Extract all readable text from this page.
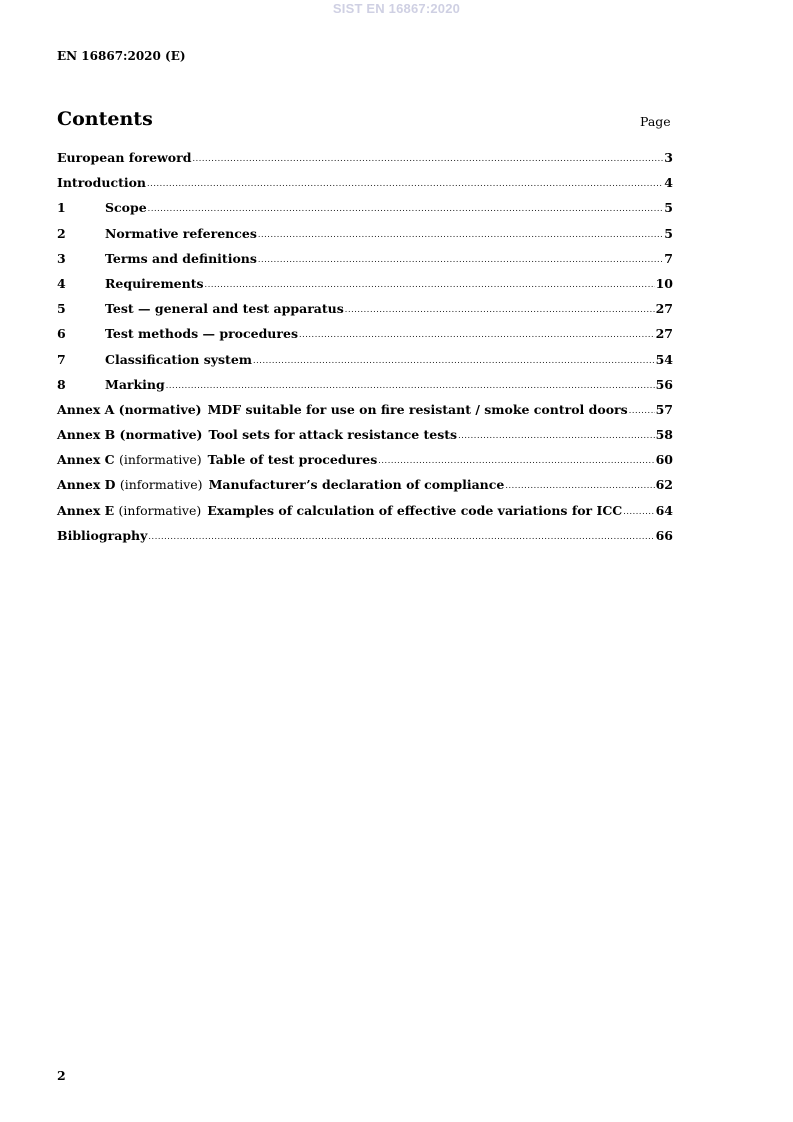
SIST EN 16867:2020
EN 16867:2020 (E)
Contents	Page
European foreword .....	3
Introduction .....	4
1	Scope .....	5
2	Normative references .....	5
3	Terms and definitions .....	7
4	Requirements .....	10
5	Test — general and test apparatus .....	27
6	Test methods — procedures .....	27
7	Classification system .....	54
8	Marking .....	56
Annex A (normative) MDF suitable for use on fire resistant / smoke control doors ..... 57
Annex B (normative) Tool sets for attack resistance tests .....	58
Annex C (informative) Table of test procedures .....	60
Annex D (informative) Manufacturer’s declaration of compliance .....	62
Annex E (informative) Examples of calculation of effective code variations for ICC .....	64
Bibliography .....	66
2
